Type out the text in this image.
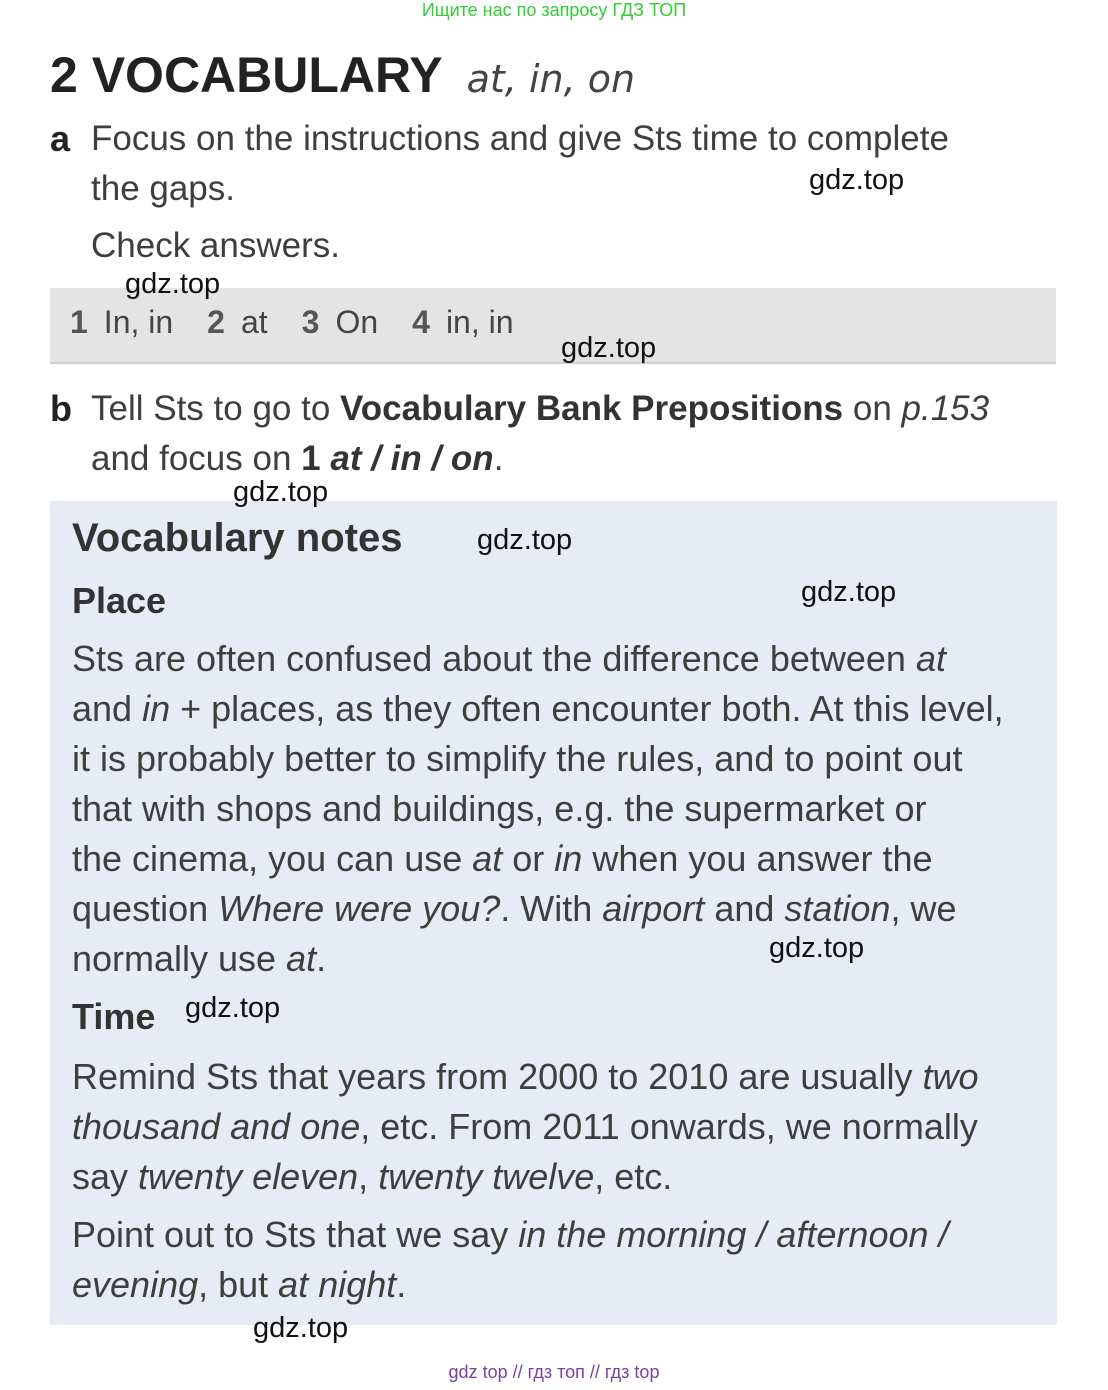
Ищите нас по запросу ГДЗ ТОП
2 VOCABULARY at, in, on
a Focus on the instructions and give Sts time to complete
the gaps.
Check answers.
1 In, in 2 at 3 On 4 in, in
b Tell Sts to go to Vocabulary Bank Prepositions on p.153
and focus on 1 at / in / on.
Vocabulary notes
Place
Sts are often confused about the difference between at
and in + places, as they often encounter both. At this level,
it is probably better to simplify the rules, and to point out
that with shops and buildings, e.g. the supermarket or
the cinema, you can use at or in when you answer the
question Where were you?. With airport and station, we
normally use at.
Time
Remind Sts that years from 2000 to 2010 are usually two
thousand and one, etc. From 2011 onwards, we normally
say twenty eleven, twenty twelve, etc.
Point out to Sts that we say in the morning / afternoon /
evening, but at night.
gdz.top
gdz.top
gdz.top
gdz.top
gdz.top
gdz.top
gdz.top
gdz.top
gdz.top
gdz top // гдз топ // гдз top
